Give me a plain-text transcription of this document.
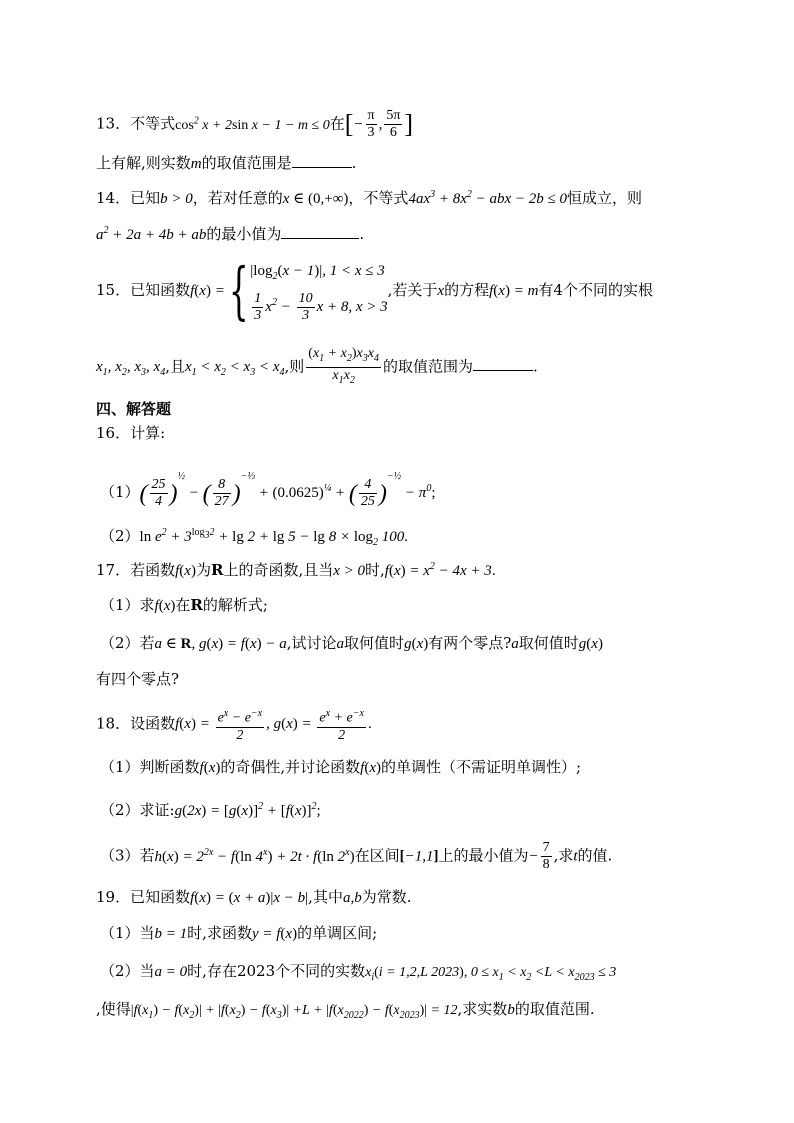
13．不等式$\cos^2 x + 2\sin$ x − 1 − m ≤ 0在[− $\frac{\pi}{3}$ , $\frac{5\pi}{6}$ ]
上有解,则实数m的取值范围是	.
14．已知b > 0，若对任意的x ∈ (0,+∞)，不等式$4ax^3 + 8x^2$ − abx − 2b ≤ 0恒成立，则
$a^2 + 2a + 4b$ + ab的最小值为	.
15．已知函数f(x) ={ $|\log_2(x - 1)|$, 1 < x ≤ 3
$\frac{1}{3} x^2 - \frac{10}{3}$ x + 8, x > 3
,若关于x的方程f(x) = m有4个不同的实根
$x_1$, $x_2$, $x_3$, $x_4$,且$x_1 < x_2 < x_3 < x_4$,则 $\frac{(x_1 + x_2)x_3x_4}{x_1x_2}$ 的取值范围为	.
四、解答题
16．计算:
$(1)( \frac{25}{4} )^{\frac{1}{2}}$ − ( $\frac{8}{27} )^{-\frac{1}{3}} + (0.0625)^{\frac{1}{4}}$ + ( $\frac{4}{25} )^{-\frac{1}{2}} - \pi^0$;
（2）ln $e^2 + 3^{log_32} + \lg 2 + \lg 5 - \lg 8 \times \log_2 100$.
17．若函数f(x)为R上的奇函数,且当x > 0时$,f(x) = x^2 - 4x + 3$.
（1）求f(x)在R的解析式;
（2）若a ∈ R, g(x) = f(x) − a,试讨论a取何值时g(x)有两个零点?a取何值时g(x)
有四个零点?
18．设函数$f(x) = \frac{e^x - e^{-x}}{2}$ , $g(x) = \frac{e^x + e^{-x}}{2}$ .
（1）判断函数f(x)的奇偶性,并讨论函数f(x)的单调性（不需证明单调性）;
（2）求证:g(2x) = $[g(x)]^2 + [f(x)]^2$;
（3）若$h(x) = 2^{2x} - f(\ln$ $4^x) + 2t \cdot f(\ln$ 2$^x$)在区间[−1,1]上的最小值为− $\frac{7}{8}$ ,求t的值.
19．已知函数f(x) = (x + a)|x − b|,其中a,b为常数.
（1）当b = 1时,求函数y = f(x)的单调区间;
（2）当a = 0时,存在2023个不同的实数$x_i(i = 1,2,L$ 2023), $0 \le x_1 < x_2 <L < x_{2023} \le 3$
,使得$|f(x_1) - f(x_2)| + |f(x_2) - f(x_3)| +L + |f(x_{2022}) - f(x_{2023})| = 12$,求实数b的取值范围.
